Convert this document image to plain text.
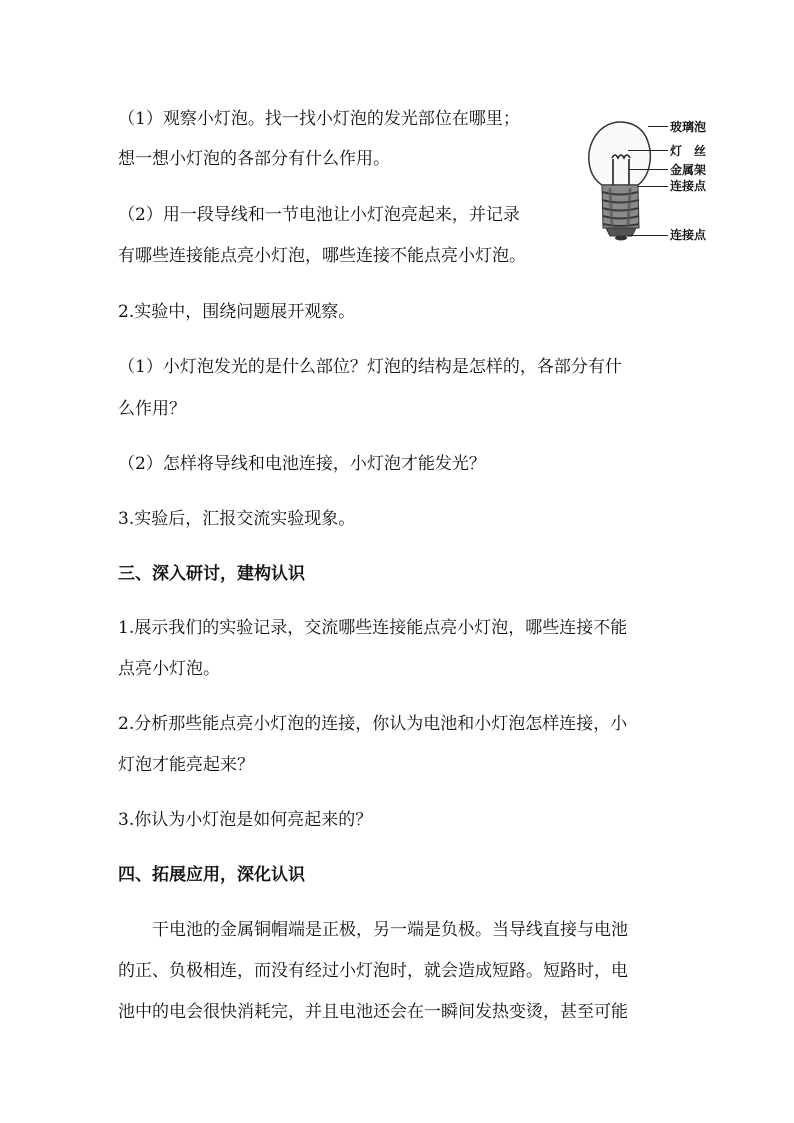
（1）观察小灯泡。找一找小灯泡的发光部位在哪里；
想一想小灯泡的各部分有什么作用。
（2）用一段导线和一节电池让小灯泡亮起来，并记录
有哪些连接能点亮小灯泡，哪些连接不能点亮小灯泡。
2.实验中，围绕问题展开观察。
（1）小灯泡发光的是什么部位？灯泡的结构是怎样的，各部分有什
么作用？
（2）怎样将导线和电池连接，小灯泡才能发光？
3.实验后，汇报交流实验现象。
三、深入研讨，建构认识
1.展示我们的实验记录，交流哪些连接能点亮小灯泡，哪些连接不能
点亮小灯泡。
2.分析那些能点亮小灯泡的连接，你认为电池和小灯泡怎样连接，小
灯泡才能亮起来？
3.你认为小灯泡是如何亮起来的？
四、拓展应用，深化认识
干电池的金属铜帽端是正极，另一端是负极。当导线直接与电池
的正、负极相连，而没有经过小灯泡时，就会造成短路。短路时，电
池中的电会很快消耗完，并且电池还会在一瞬间发热变烫，甚至可能
玻璃泡
灯　丝
金属架
连接点
连接点
